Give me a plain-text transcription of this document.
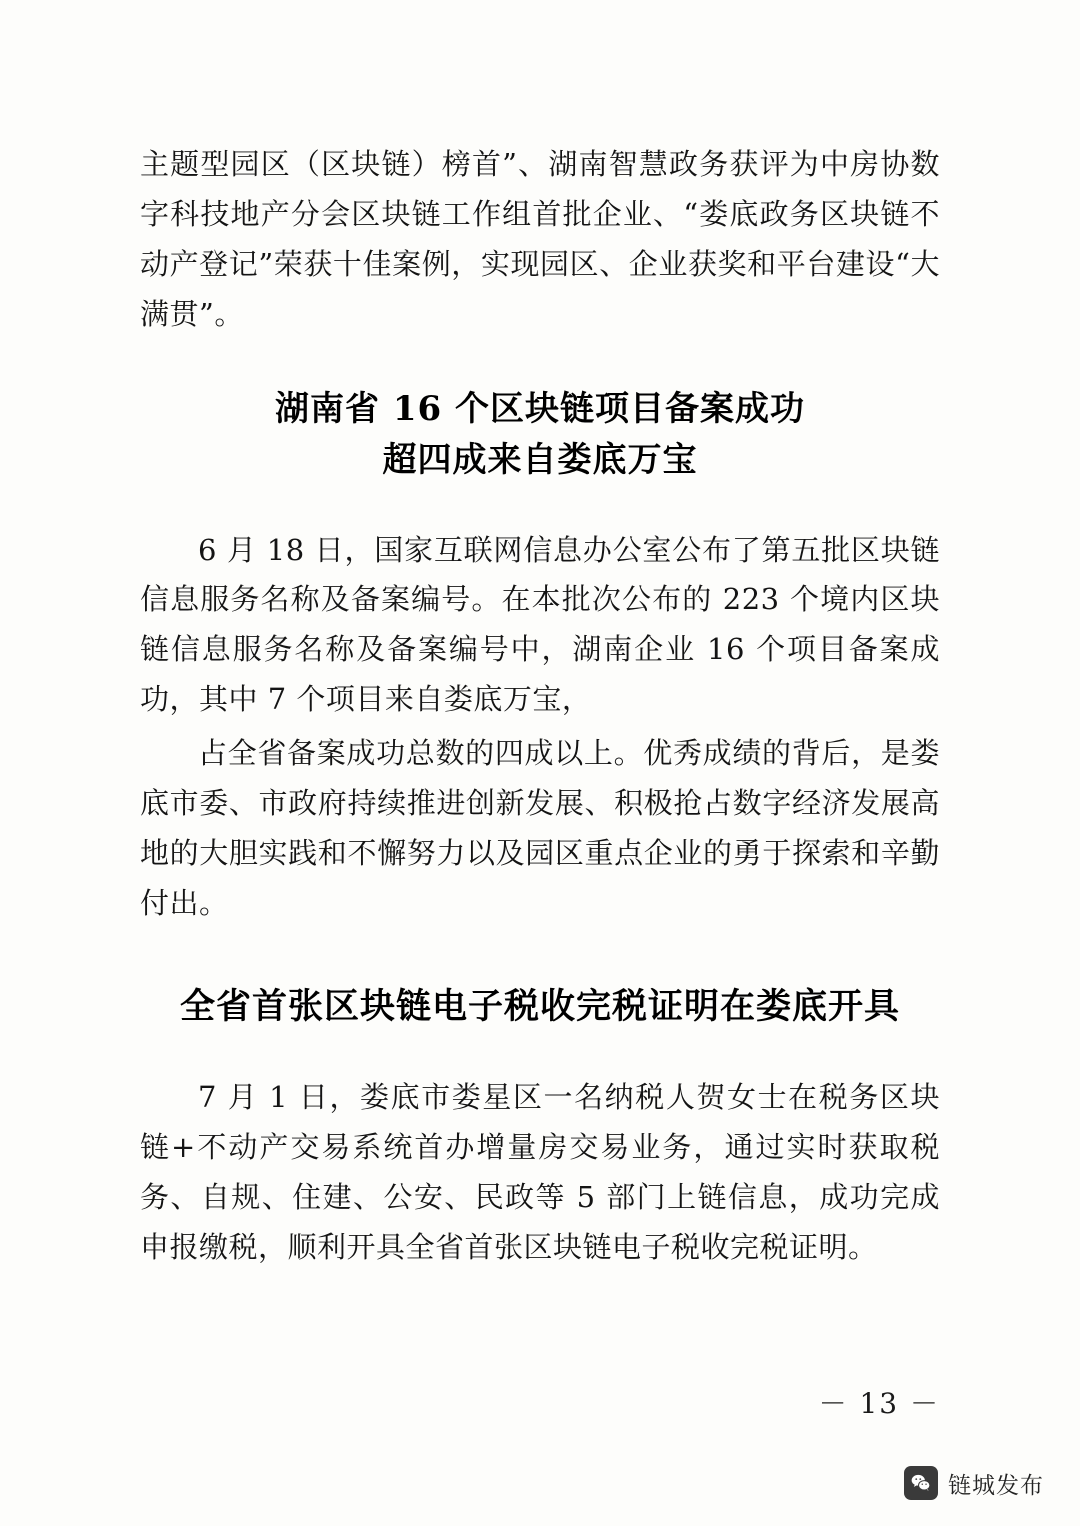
主题型园区（区块链）榜首”、湖南智慧政务获评为中房协数字科技地产分会区块链工作组首批企业、“娄底政务区块链不动产登记”荣获十佳案例，实现园区、企业获奖和平台建设“大满贯”。

湖南省 16 个区块链项目备案成功
超四成来自娄底万宝

6 月 18 日，国家互联网信息办公室公布了第五批区块链信息服务名称及备案编号。在本批次公布的 223 个境内区块链信息服务名称及备案编号中，湖南企业 16 个项目备案成功，其中 7 个项目来自娄底万宝，

占全省备案成功总数的四成以上。优秀成绩的背后，是娄底市委、市政府持续推进创新发展、积极抢占数字经济发展高地的大胆实践和不懈努力以及园区重点企业的勇于探索和辛勤付出。

全省首张区块链电子税收完税证明在娄底开具

7 月 1 日，娄底市娄星区一名纳税人贺女士在税务区块链+不动产交易系统首办增量房交易业务，通过实时获取税务、自规、住建、公安、民政等 5 部门上链信息，成功完成申报缴税，顺利开具全省首张区块链电子税收完税证明。

－ 13 －
链城发布
